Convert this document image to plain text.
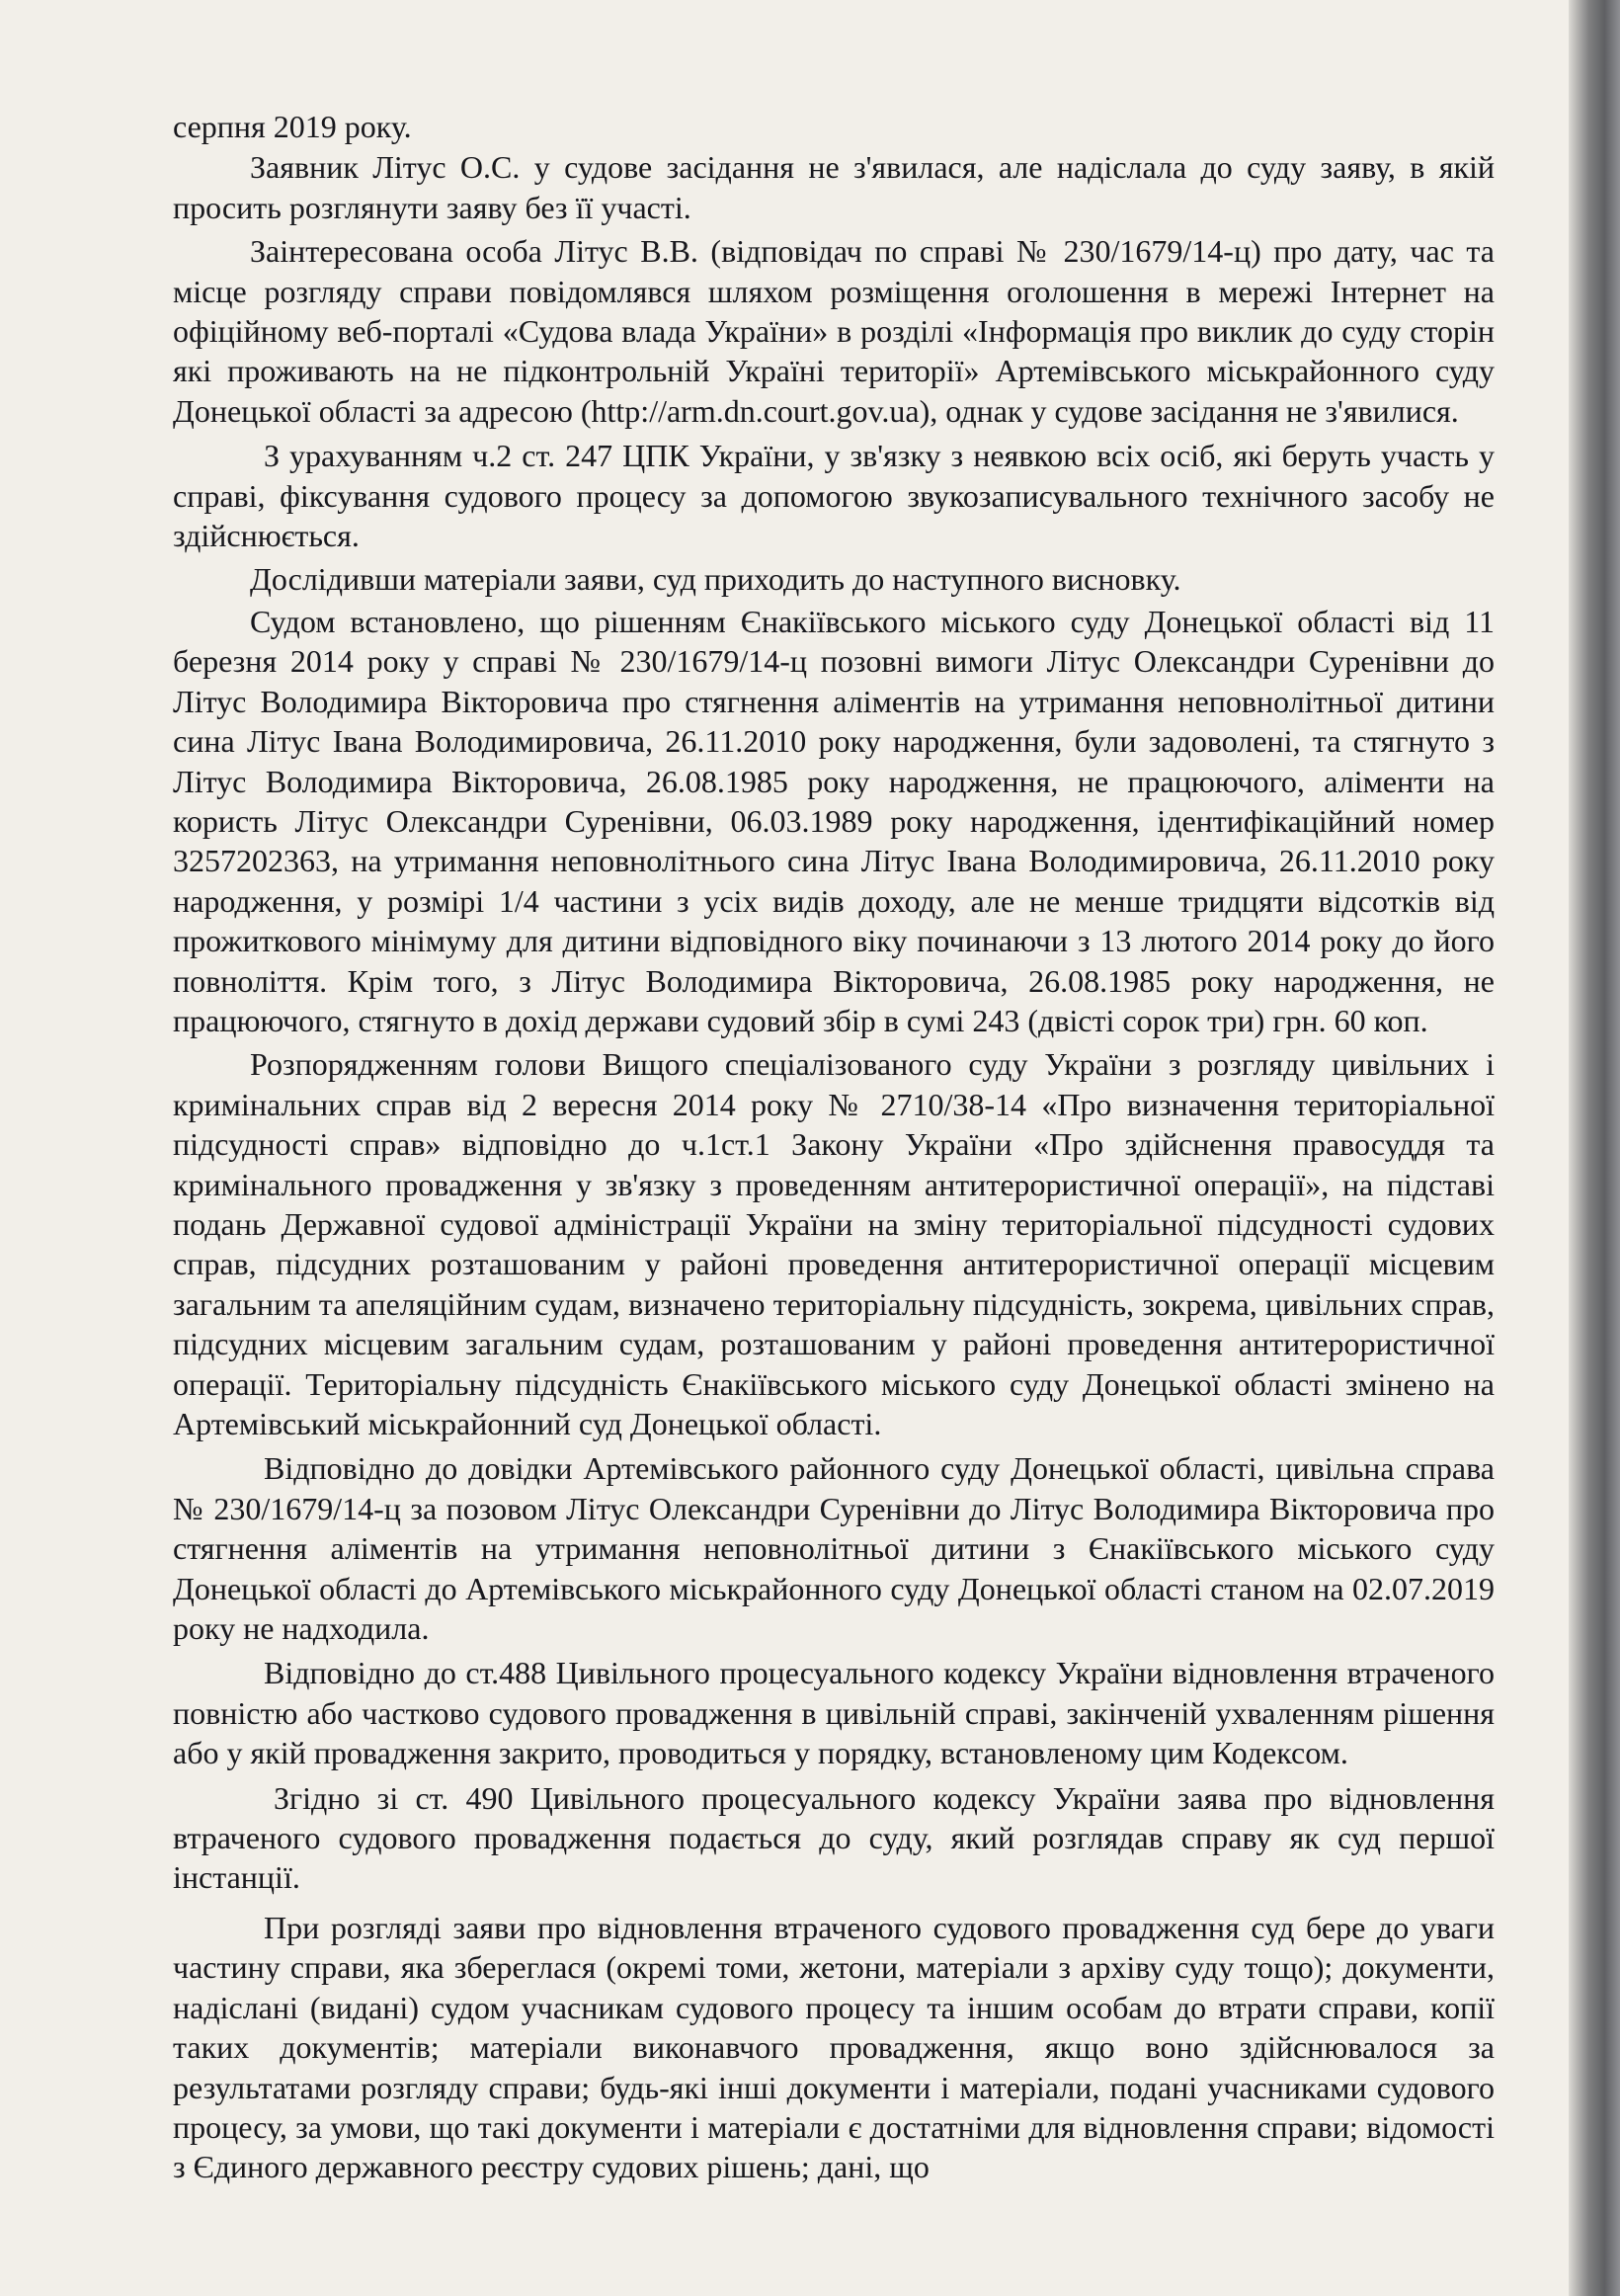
серпня 2019 року.

Заявник Літус О.С. у судове засідання не з'явилася, але надіслала до суду заяву, в якій просить розглянути заяву без її участі.

Заінтересована особа Літус В.В. (відповідач по справі № 230/1679/14-ц) про дату, час та місце розгляду справи повідомлявся шляхом розміщення оголошення в мережі Інтернет на офіційному веб-порталі «Судова влада України» в розділі «Інформація про виклик до суду сторін які проживають на не підконтрольній Україні території» Артемівського міськрайонного суду Донецької області за адресою (http://arm.dn.court.gov.ua), однак у судове засідання не з'явилися.

З урахуванням ч.2 ст. 247 ЦПК України, у зв'язку з неявкою всіх осіб, які беруть участь у справі, фіксування судового процесу за допомогою звукозаписувального технічного засобу не здійснюється.

Дослідивши матеріали заяви, суд приходить до наступного висновку.

Судом встановлено, що рішенням Єнакіївського міського суду Донецької області від 11 березня 2014 року у справі № 230/1679/14-ц позовні вимоги Літус Олександри Суренівни до Літус Володимира Вікторовича про стягнення аліментів на утримання неповнолітньої дитини сина Літус Івана Володимировича, 26.11.2010 року народження, були задоволені, та стягнуто з Літус Володимира Вікторовича, 26.08.1985 року народження, не працюючого, аліменти на користь Літус Олександри Суренівни, 06.03.1989 року народження, ідентифікаційний номер 3257202363, на утримання неповнолітнього сина Літус Івана Володимировича, 26.11.2010 року народження, у розмірі 1/4 частини з усіх видів доходу, але не менше тридцяти відсотків від прожиткового мінімуму для дитини відповідного віку починаючи з 13 лютого 2014 року до його повноліття. Крім того, з Літус Володимира Вікторовича, 26.08.1985 року народження, не працюючого, стягнуто в дохід держави судовий збір в сумі 243 (двісті сорок три) грн. 60 коп.

Розпорядженням голови Вищого спеціалізованого суду України з розгляду цивільних і кримінальних справ від 2 вересня 2014 року № 2710/38-14 «Про визначення територіальної підсудності справ» відповідно до ч.1ст.1 Закону України «Про здійснення правосуддя та кримінального провадження у зв'язку з проведенням антитерористичної операції», на підставі подань Державної судової адміністрації України на зміну територіальної підсудності судових справ, підсудних розташованим у районі проведення антитерористичної операції місцевим загальним та апеляційним судам, визначено територіальну підсудність, зокрема, цивільних справ, підсудних місцевим загальним судам, розташованим у районі проведення антитерористичної операції. Територіальну підсудність Єнакіївського міського суду Донецької області змінено на Артемівський міськрайонний суд Донецької області.

Відповідно до довідки Артемівського районного суду Донецької області, цивільна справа № 230/1679/14-ц за позовом Літус Олександри Суренівни до Літус Володимира Вікторовича про стягнення аліментів на утримання неповнолітньої дитини з Єнакіївського міського суду Донецької області до Артемівського міськрайонного суду Донецької області станом на 02.07.2019 року не надходила.

Відповідно до ст.488 Цивільного процесуального кодексу України відновлення втраченого повністю або частково судового провадження в цивільній справі, закінченій ухваленням рішення або у якій провадження закрито, проводиться у порядку, встановленому цим Кодексом.

Згідно зі ст. 490 Цивільного процесуального кодексу України заява про відновлення втраченого судового провадження подається до суду, який розглядав справу як суд першої інстанції.

При розгляді заяви про відновлення втраченого судового провадження суд бере до уваги частину справи, яка збереглася (окремі томи, жетони, матеріали з архіву суду тощо); документи, надіслані (видані) судом учасникам судового процесу та іншим особам до втрати справи, копії таких документів; матеріали виконавчого провадження, якщо воно здійснювалося за результатами розгляду справи; будь-які інші документи і матеріали, подані учасниками судового процесу, за умови, що такі документи і матеріали є достатніми для відновлення справи; відомості з Єдиного державного реєстру судових рішень; дані, що
